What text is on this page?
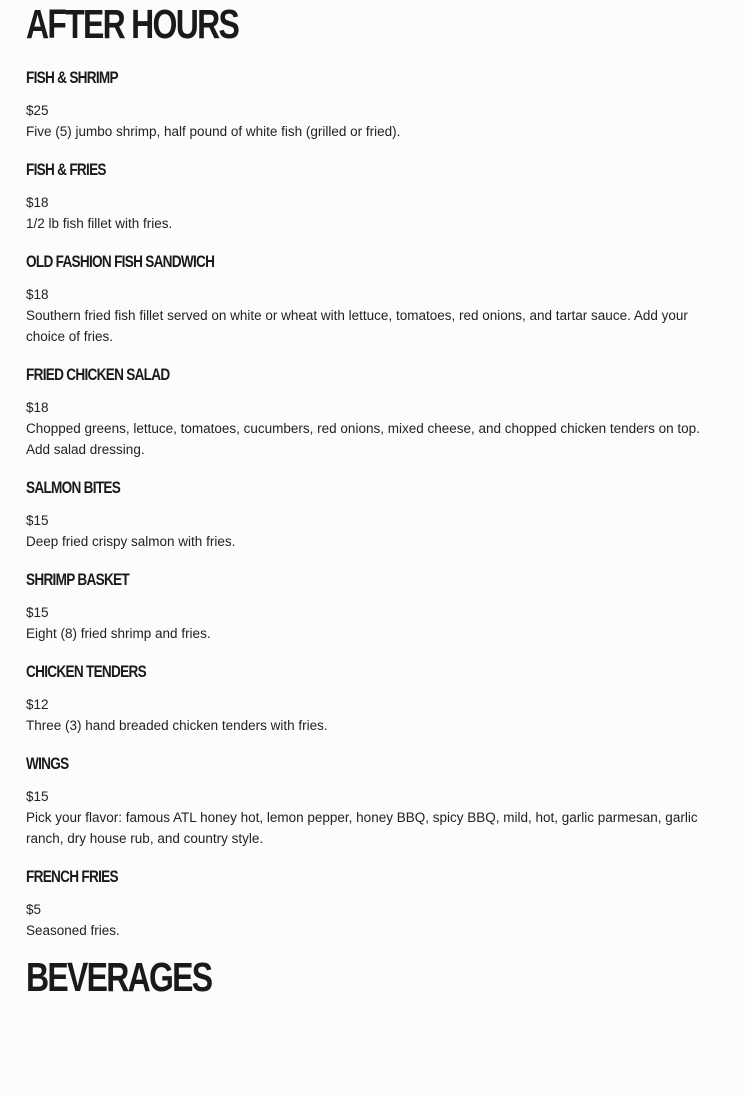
AFTER HOURS
FISH & SHRIMP

$25

Five (5) jumbo shrimp, half pound of white fish (grilled or fried).

FISH & FRIES

$18

1/2 lb fish fillet with fries.

OLD FASHION FISH SANDWICH

$18

Southern fried fish fillet served on white or wheat with lettuce, tomatoes, red onions, and tartar sauce. Add your choice of fries.

FRIED CHICKEN SALAD

$18

Chopped greens, lettuce, tomatoes, cucumbers, red onions, mixed cheese, and chopped chicken tenders on top. Add salad dressing.

SALMON BITES

$15

Deep fried crispy salmon with fries.

SHRIMP BASKET

$15

Eight (8) fried shrimp and fries.

CHICKEN TENDERS

$12

Three (3) hand breaded chicken tenders with fries.

WINGS

$15

Pick your flavor: famous ATL honey hot, lemon pepper, honey BBQ, spicy BBQ, mild, hot, garlic parmesan, garlic ranch, dry house rub, and country style.

FRENCH FRIES

$5

Seasoned fries.

BEVERAGES
